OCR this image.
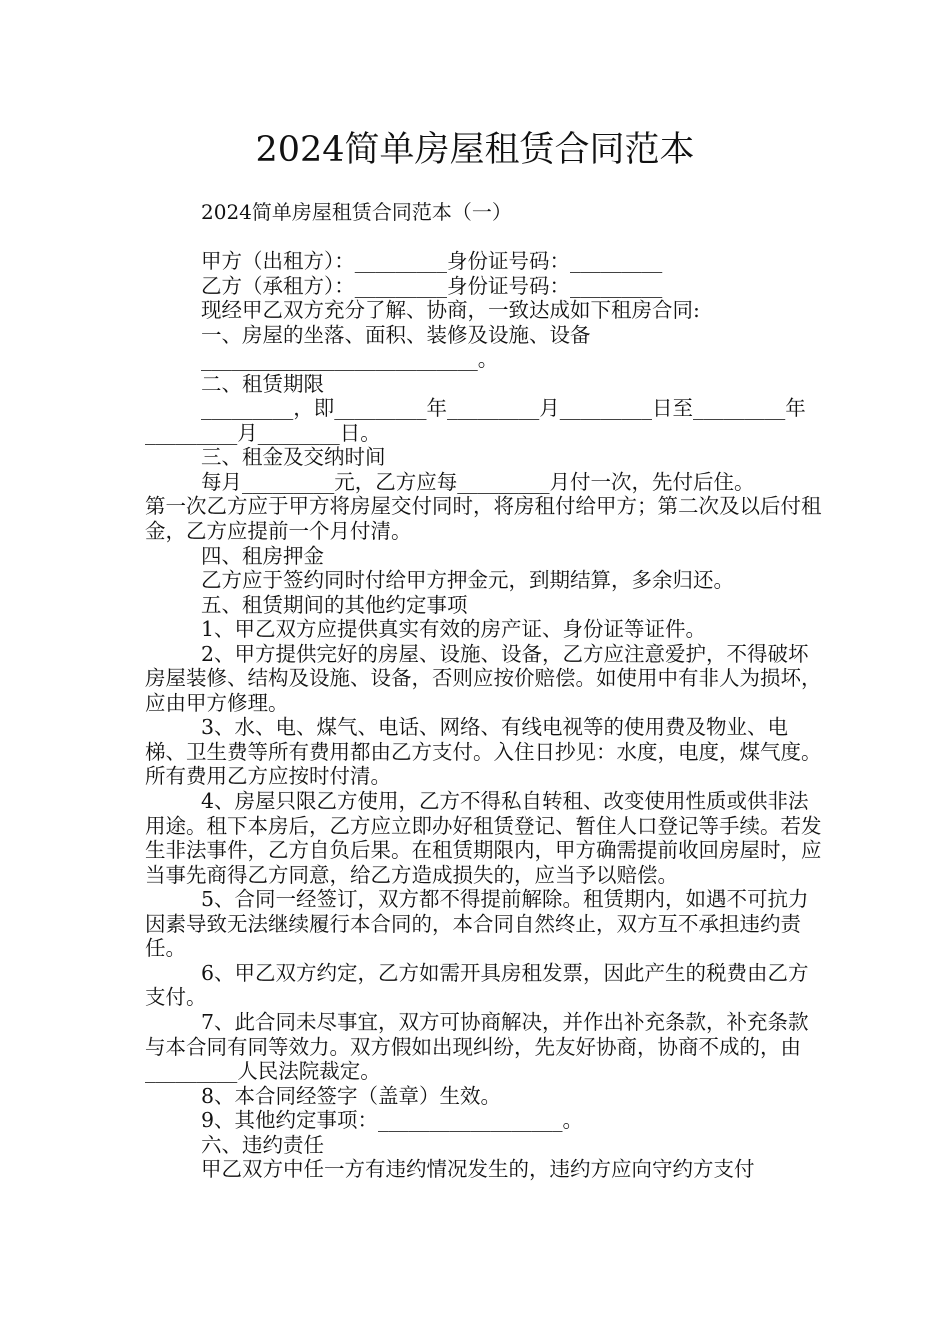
2024简单房屋租赁合同范本
2024简单房屋租赁合同范本（一）

甲方（出租方）：_________身份证号码：_________

乙方（承租方）：_________身份证号码：_________

现经甲乙双方充分了解、协商，一致达成如下租房合同:

一、房屋的坐落、面积、装修及设施、设备

___________________________。

二、租赁期限

_________，即_________年_________月_________日至_________年_________月________日。

三、租金及交纳时间

每月_________元，乙方应每_________月付一次，先付后住。

第一次乙方应于甲方将房屋交付同时，将房租付给甲方；第二次及以后付租金，乙方应提前一个月付清。

四、租房押金

乙方应于签约同时付给甲方押金元，到期结算，多余归还。

五、租赁期间的其他约定事项

1、甲乙双方应提供真实有效的房产证、身份证等证件。

2、甲方提供完好的房屋、设施、设备，乙方应注意爱护，不得破坏房屋装修、结构及设施、设备，否则应按价赔偿。如使用中有非人为损坏，应由甲方修理。

3、水、电、煤气、电话、网络、有线电视等的使用费及物业、电梯、卫生费等所有费用都由乙方支付。入住日抄见：水度，电度，煤气度。所有费用乙方应按时付清。

4、房屋只限乙方使用，乙方不得私自转租、改变使用性质或供非法用途。租下本房后，乙方应立即办好租赁登记、暂住人口登记等手续。若发生非法事件，乙方自负后果。在租赁期限内，甲方确需提前收回房屋时，应当事先商得乙方同意，给乙方造成损失的，应当予以赔偿。

5、合同一经签订，双方都不得提前解除。租赁期内，如遇不可抗力因素导致无法继续履行本合同的，本合同自然终止，双方互不承担违约责任。

6、甲乙双方约定，乙方如需开具房租发票，因此产生的税费由乙方支付。

7、此合同未尽事宜，双方可协商解决，并作出补充条款，补充条款与本合同有同等效力。双方假如出现纠纷，先友好协商，协商不成的，由_________人民法院裁定。

8、本合同经签字（盖章）生效。

9、其他约定事项：__________________。

六、违约责任

甲乙双方中任一方有违约情况发生的，违约方应向守约方支付
